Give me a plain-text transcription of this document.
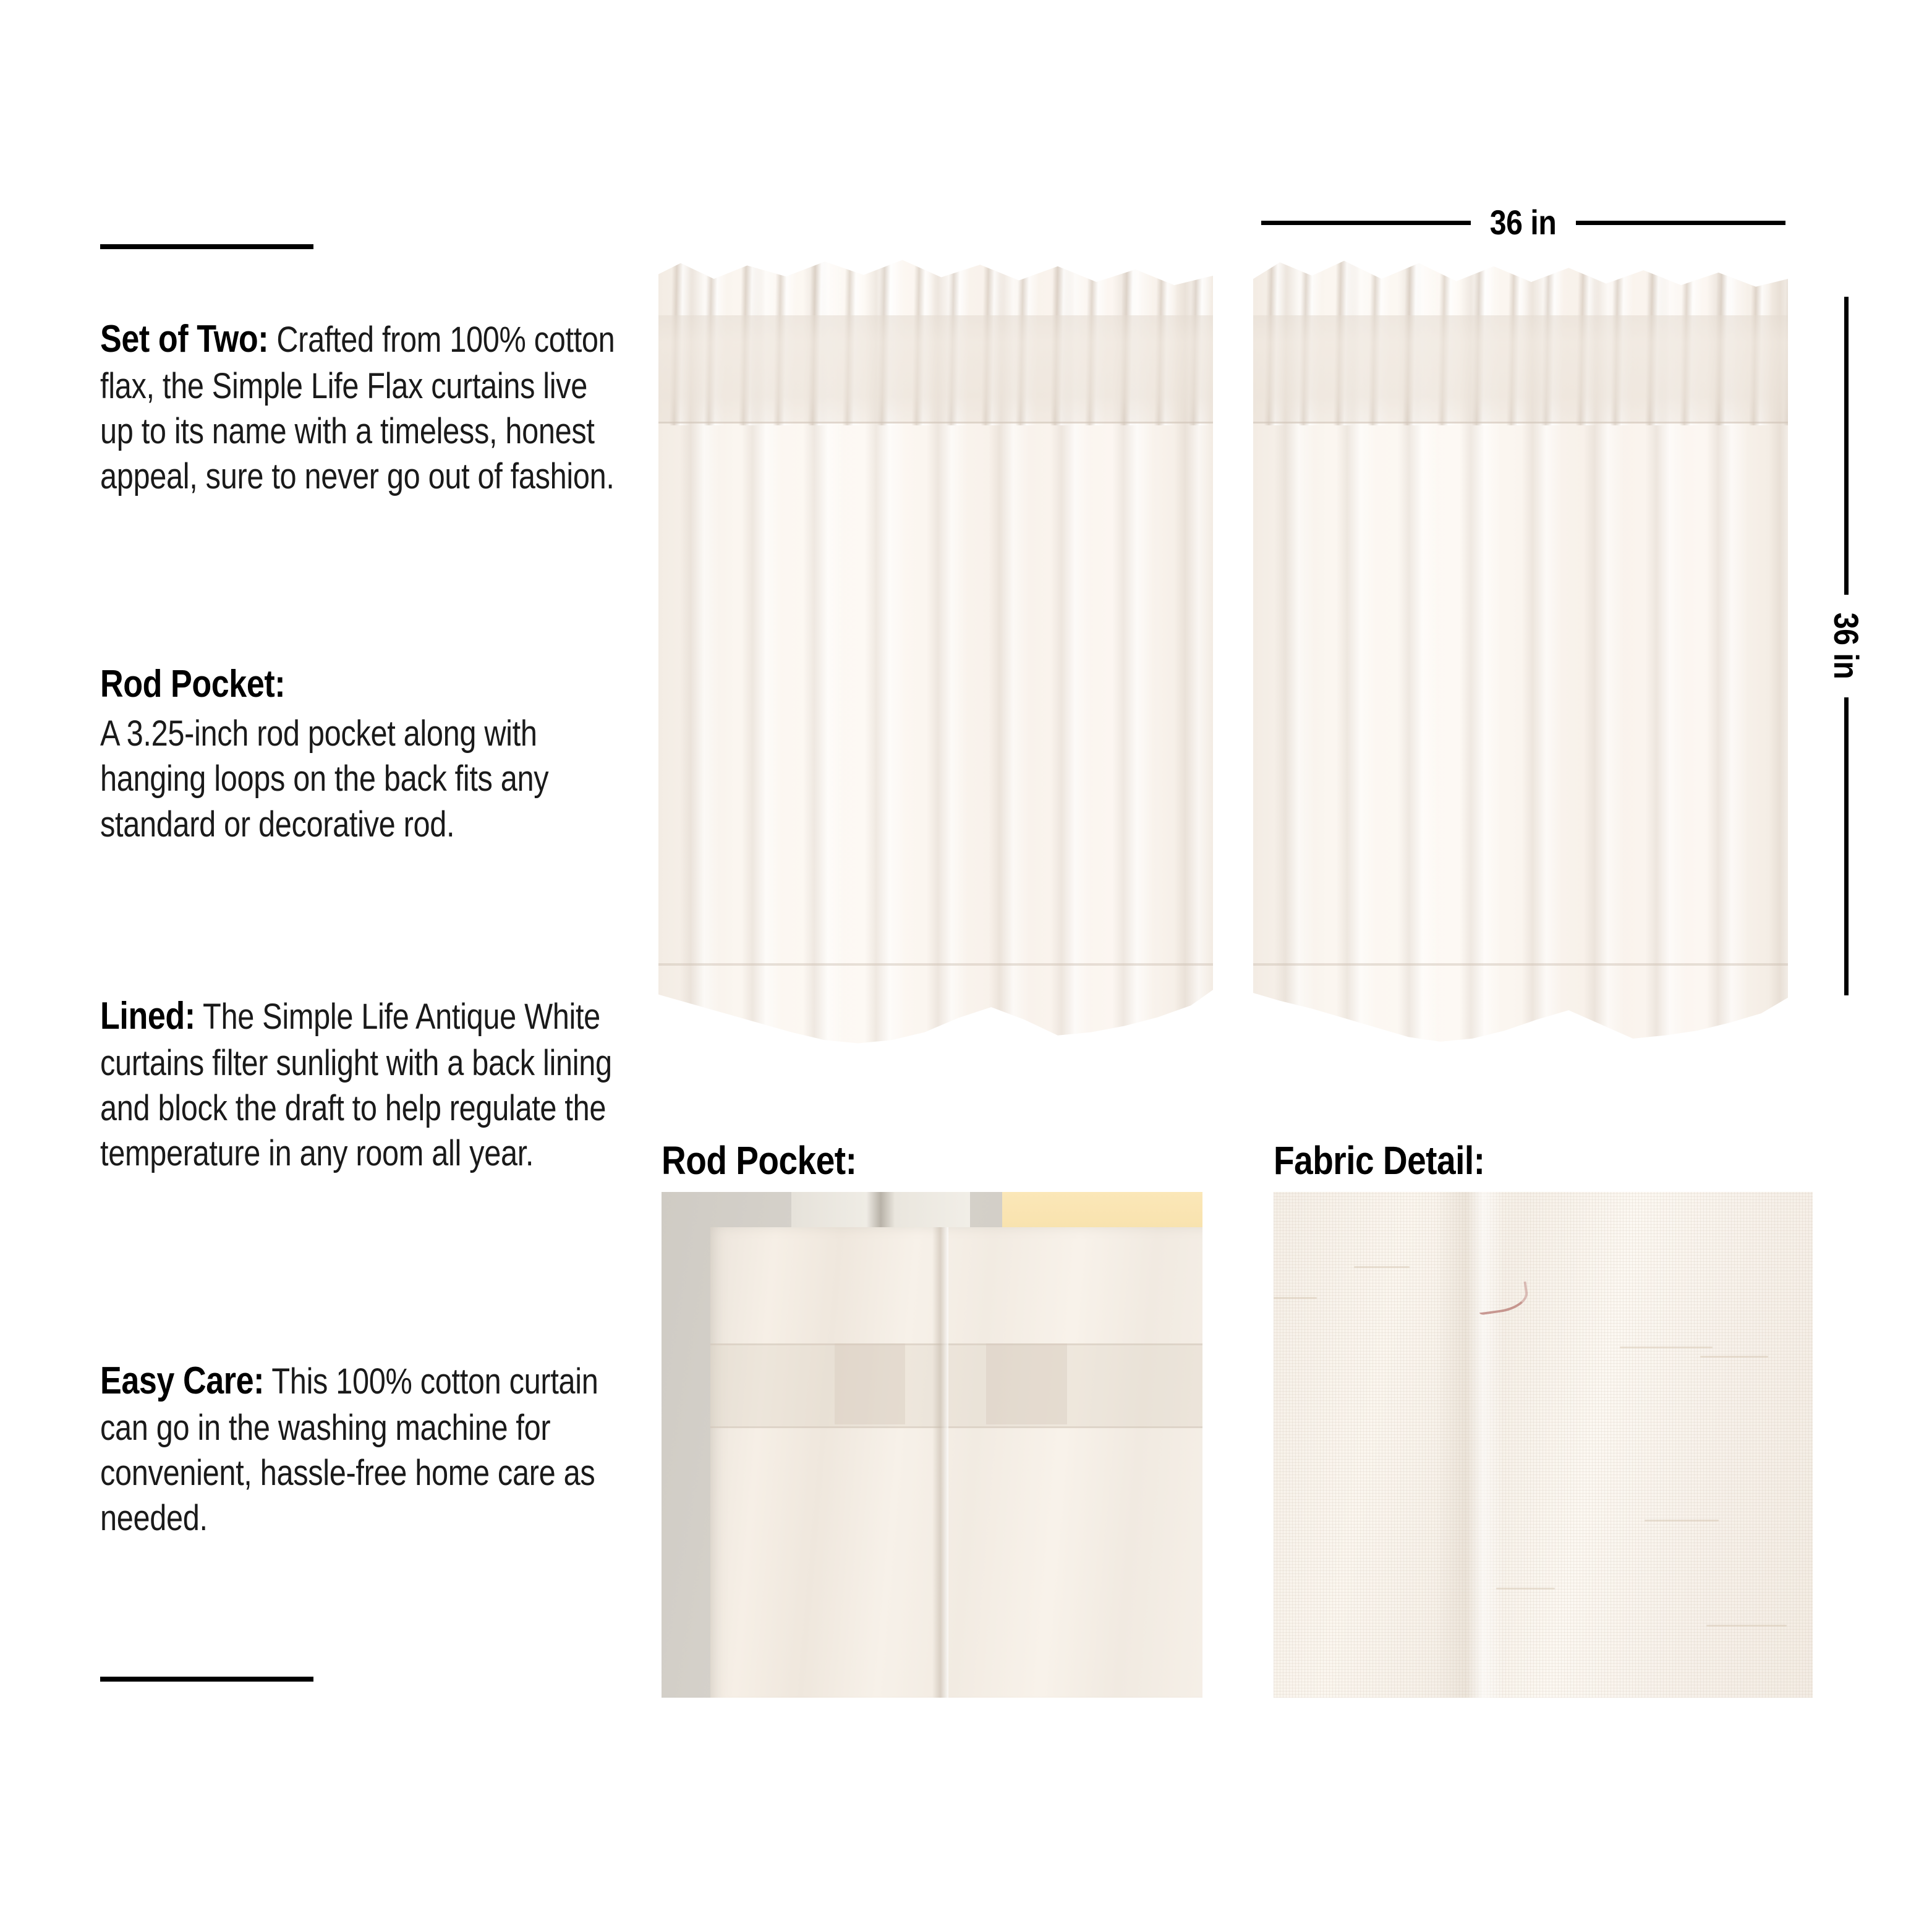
Set of Two: Crafted from 100% cotton flax, the Simple Life Flax curtains live up to its name with a timeless, honest appeal, sure to never go out of fashion.
Rod Pocket:
A 3.25-inch rod pocket along with hanging loops on the back fits any standard or decorative rod.
Lined: The Simple Life Antique White curtains filter sunlight with a back lining and block the draft to help regulate the temperature in any room all year.
Easy Care: This 100% cotton curtain can go in the washing machine for convenient, hassle-free home care as needed.
36 in
36 in
Rod Pocket:	Fabric Detail:
